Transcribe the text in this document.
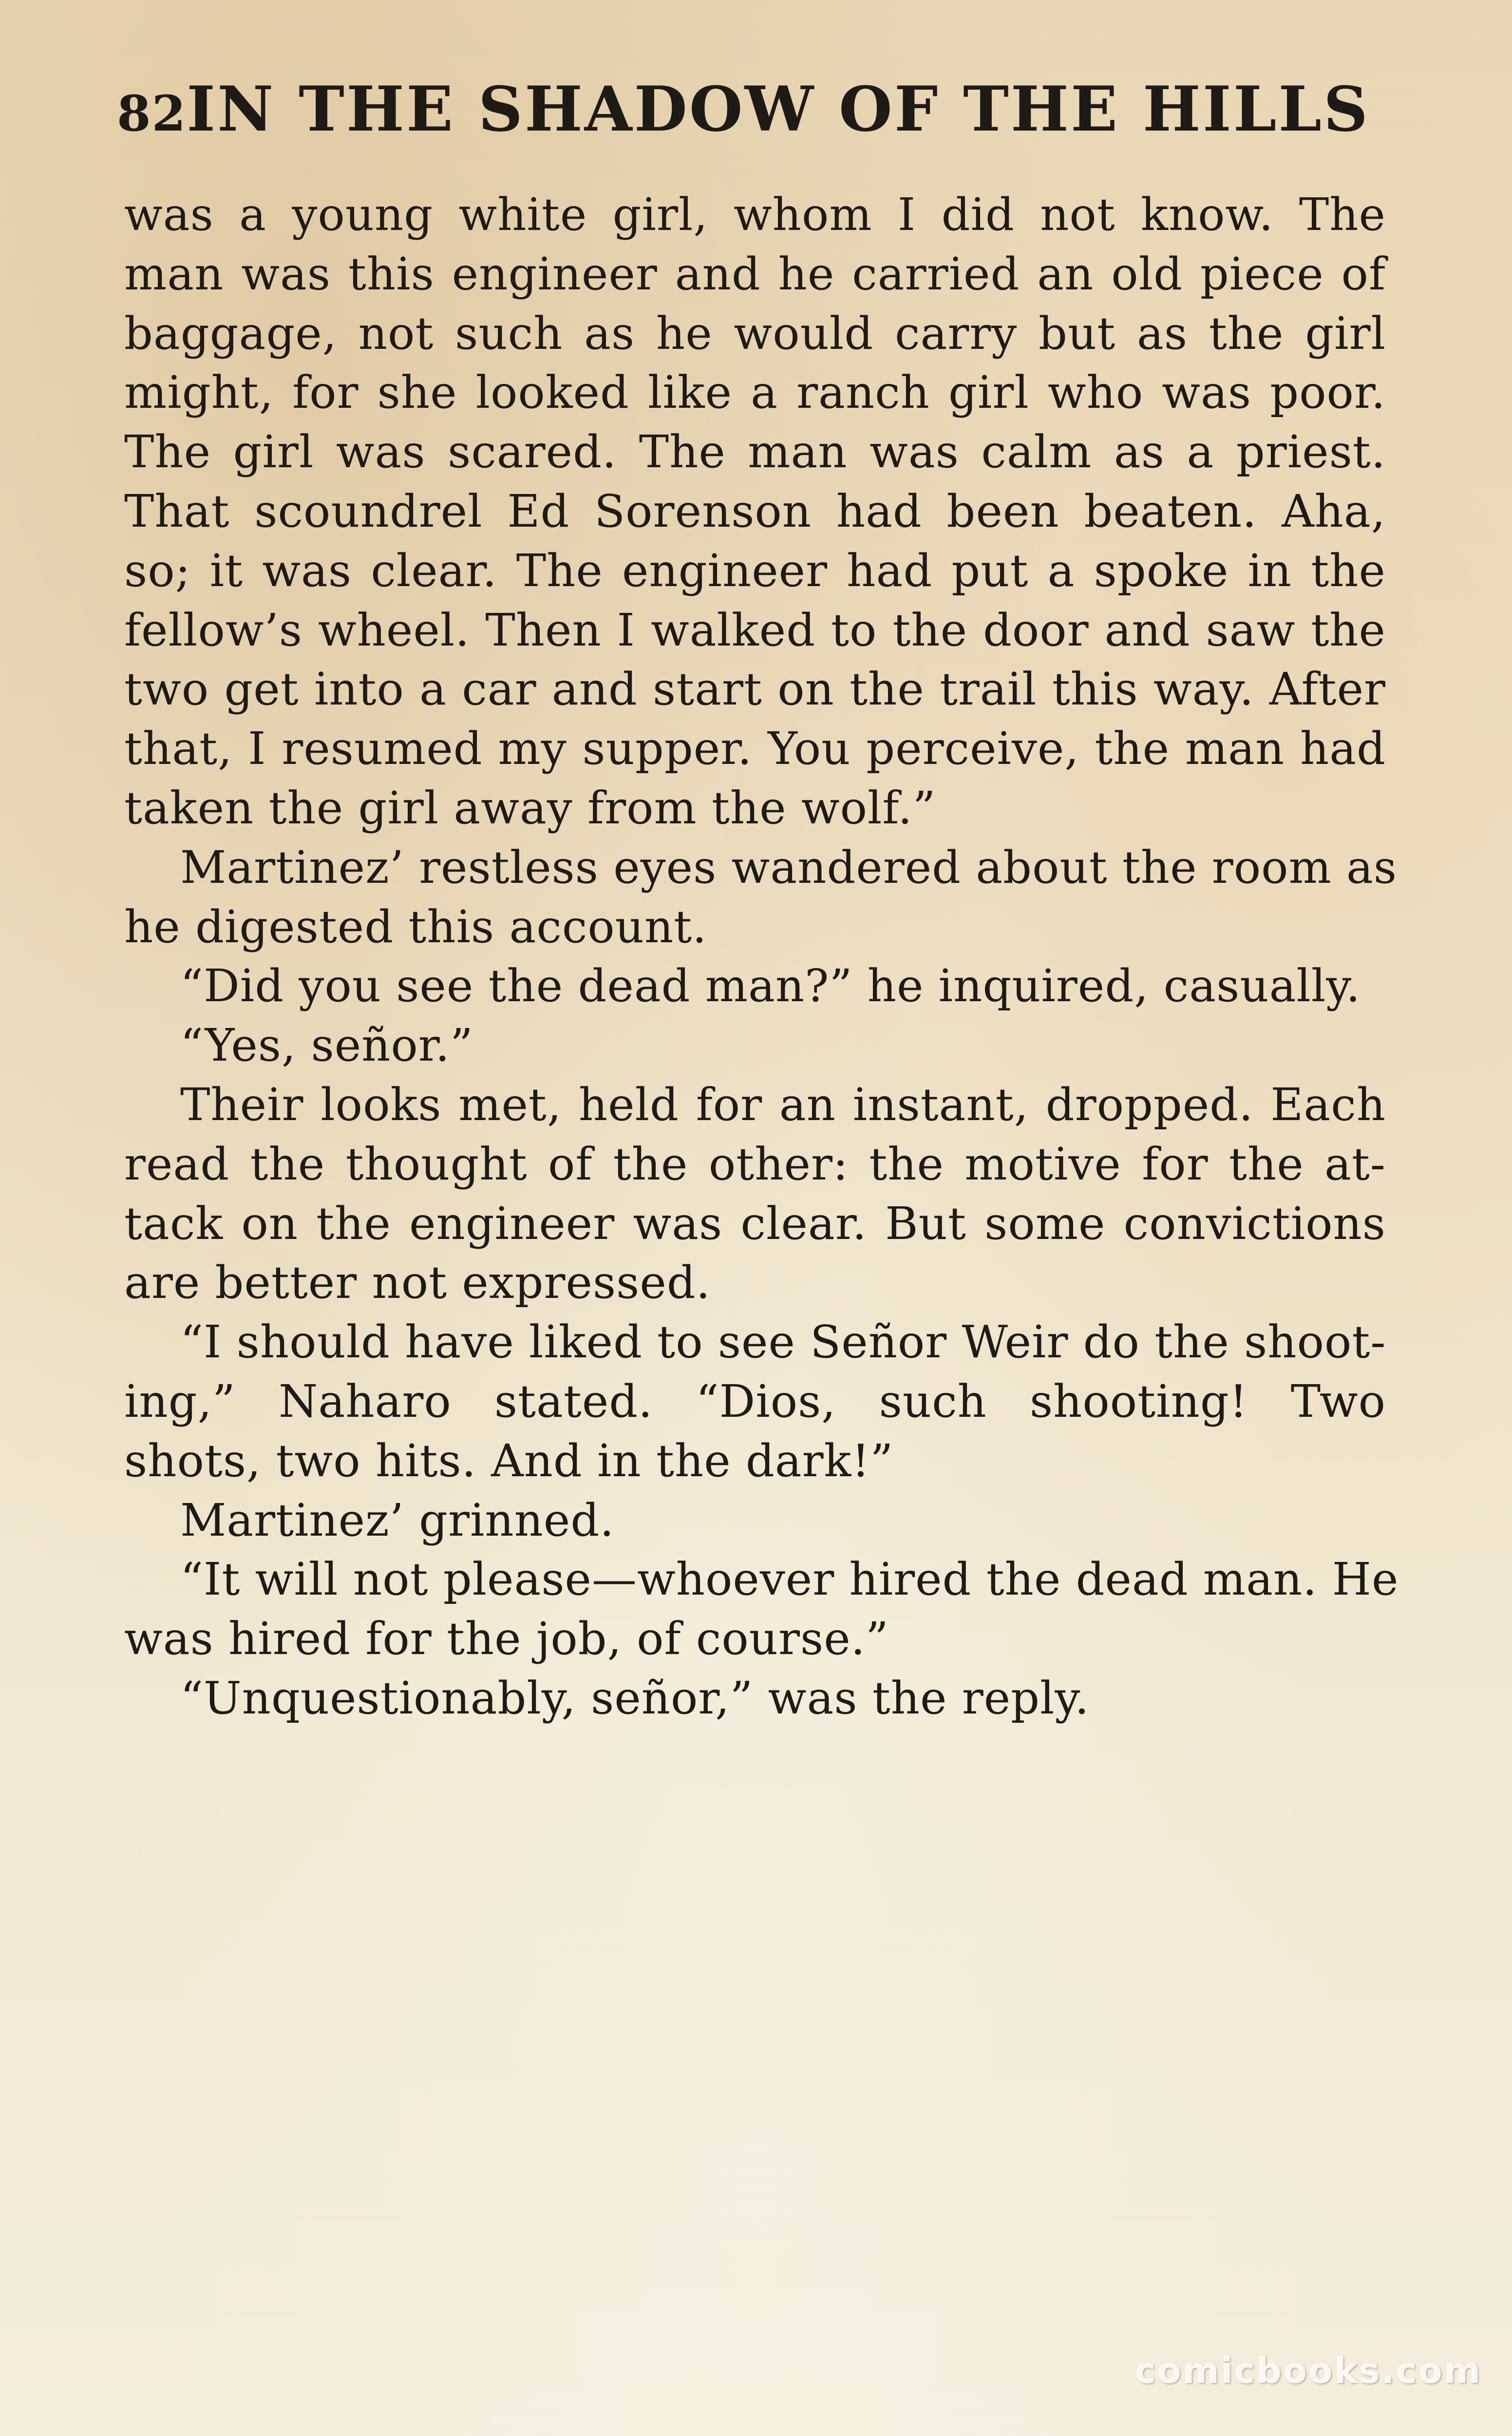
82 IN THE SHADOW OF THE HILLS
was a young white girl, whom I did not know. The
man was this engineer and he carried an old piece of
baggage, not such as he would carry but as the girl
might, for she looked like a ranch girl who was poor.
The girl was scared. The man was calm as a priest.
That scoundrel Ed Sorenson had been beaten. Aha,
so; it was clear. The engineer had put a spoke in the
fellow’s wheel. Then I walked to the door and saw the
two get into a car and start on the trail this way. After
that, I resumed my supper. You perceive, the man had
taken the girl away from the wolf.”
Martinez’ restless eyes wandered about the room as
he digested this account.
“Did you see the dead man?” he inquired, casually.
“Yes, señor.”
Their looks met, held for an instant, dropped. Each
read the thought of the other: the motive for the at-
tack on the engineer was clear. But some convictions
are better not expressed.
“I should have liked to see Señor Weir do the shoot-
ing,” Naharo stated. “Dios, such shooting! Two
shots, two hits. And in the dark!”
Martinez’ grinned.
“It will not please—whoever hired the dead man. He
was hired for the job, of course.”
“Unquestionably, señor,” was the reply.
comicbooks.com
